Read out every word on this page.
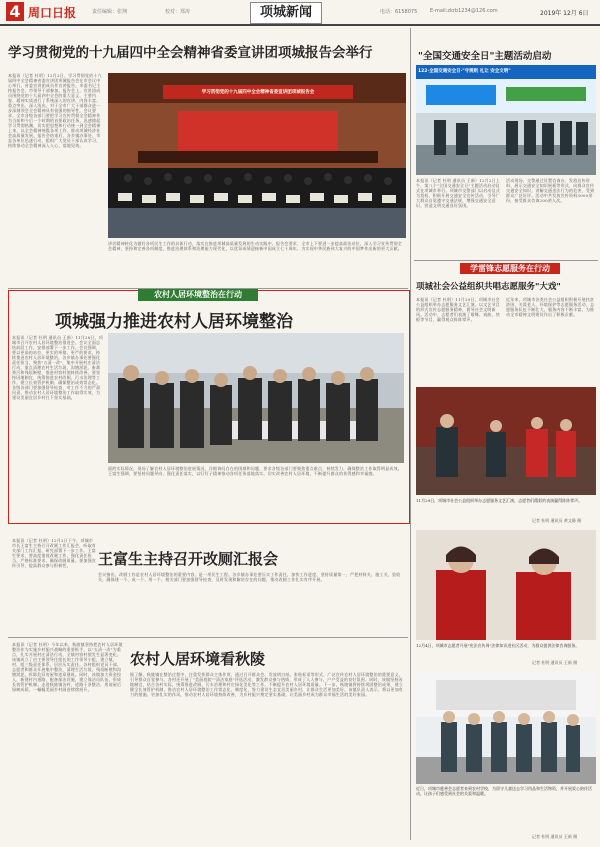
4 周口日报	责任编辑：张翔	校对：郑涛	项城新闻	电话：6158075	E-mail:zkrb1234@126.com	2019年 12月 6日
学习贯彻党的十九届四中全会精神省委宣讲团项城报告会举行
本报讯（记者 杜明）12月2日，学习贯彻党的十九届四中全会精神省委宣讲团项城报告会在市会议中心举行。省委宣讲团成员作宣讲报告。市委书记主持报告会，市领导干部参加。报告会上，宣讲团成员围绕党的十九届四中全会的重大意义、主要内容、精神实质进行了系统深入的宣讲，内容丰富、重点突出、深入浅出，对于全市广大干部群众进一步深刻领会全会精神具有很强的指导性。会议要求，全市各级各部门要把学习宣传贯彻全会精神作为当前和今后一个时期的首要政治任务，迅速掀起学习贯彻热潮，切实把思想和行动统一到全会精神上来，以全会精神统揽各项工作，推动项城经济社会高质量发展。报告会结束后，各乡镇办事处、市直各单位迅速行动，组织广大党员干部认真学习，持续推动全会精神深入人心、落地见效。
学习贯彻党的十九届四中全会精神省委宣讲团项城报告会
讲话精神转化为做好各项民生工作的具体行动，落实在推进项城高质量发展的生动实践中。报告会要求，全市上下要进一步提高政治站位，深入学习宣传贯彻全会精神，坚持和完善各项制度，推进治理体系和治理能力现代化，以优异成绩迎接新中国成立七十周年，为实现中华民族伟大复兴的中国梦作出新的更大贡献。
农村人居环境整治在行动
项城强力推进农村人居环境整治
本报讯（记者 杜明 通讯员 王新）11月28日，项城市召开农村人居环境整治推进会。会议全面总结前段工作，安排部署下一步工作。会议强调，要以更高的站位、更实的举措、更严的要求，持续推进农村人居环境整治。各乡镇办事处要强化责任担当，聚焦"五清一改"，集中开展村庄清洁行动，重点清理农村生活垃圾、沟塘淤泥、畜禽粪污和残垣断壁，推进村容村貌持续改善。要坚持因地制宜，统筹推进农村改厕、污水治理等工作，建立长效管护机制，确保整治成效常态化。各级各部门要加强督导检查，对工作不力的严肃问责，推动农村人居环境整治工作取得实效，为建设美丽宜居乡村打下坚实基础。
面的实际情况，现场了解农村人居环境整治进展情况，详细询问存在的困难和问题，要求各级各部门要聚焦重点难点，持续发力，确保整治工作取得明显成效。王富生强调，要坚持问题导向，强化责任落实，以钉钉子精神推动各项任务落地落实，切实改善农村人居环境，不断提升群众的获得感和幸福感。
王富生主持召开改厕汇报会
本报讯（记者 杜明）12月2日下午，项城市市长王富生主持召开改厕工作汇报会，听取有关部门工作汇报，研究部署下一步工作。王富生要求，要高度重视改厕工作，强化责任担当，严格标准要求，确保改厕质量。要加强宣传引导，提高群众参与积极性。
会议指出，改厕工作是农村人居环境整治的重要内容，是一项民生工程。各乡镇办事处要压实工作责任，加快工作进度，坚持质量第一，严把材料关、施工关、验收关，确保建一个、成一个、用一个。相关部门要加强督导检查，及时发现和解决存在的问题，推动改厕工作扎实有序开展。
农村人居环境看秋陵
本报讯（记者 杜明）今年以来，秋陵镇坚持把农村人居环境整治作为实施乡村振兴战略的重要抓手，以"五清一改"为重点，扎实开展村庄清洁行动，全镇村容村貌发生显著变化。该镇成立了由主要领导任组长的工作领导小组，建立镇、村、组三级责任体系，层层压实责任。各村组织党员干部、志愿者和群众开展集中整治，清理生活垃圾、残垣断壁和沟塘淤泥，拆除危旧房屋和违章建筑。同时，该镇加大资金投入，新建村内道路、配备保洁设施，建立保洁员队伍，形成长效管护机制。走进秋陵镇各村，道路干净整洁，房前屋后绿树成荫，一幅幅美丽乡村画卷徐徐展开。
据了解，秋陵镇在整治过程中，注重发挥群众主体作用，通过召开群众会、发放明白纸、张贴标语等形式，广泛宣传农村人居环境整治的重要意义，引导群众自觉参与。各村还开展了"美丽庭院""清洁家庭"评选活动，激发群众参与热情，形成了人人参与、户户受益的良好氛围。同时，该镇坚持因地制宜，结合各村实际，统筹推进改厕、污水治理和村庄绿化美化等工作，不断提升农村人居环境质量。下一步，秋陵镇将持续巩固整治成果，建立健全长效管护机制，推动农村人居环境整治工作常态化、制度化，努力建设生态宜居美丽乡村，让群众生活更加美好。该镇负责人表示，将以更加有力的措施、更加扎实的作风，推动农村人居环境持续改善，为乡村振兴奠定坚实基础，让美丽乡村成为群众幸福生活的美好家园。
"全国交通安全日"主题活动启动
122·全国交通安全日·"守规则 礼让 安全文明"
本报讯（记者 杜明 通讯员 王新）12月2日上午，第八个"全国交通安全日"主题活动启动仪式在项城市举行。项城市交警部门以启动仪式为契机，积极开展交通安全宣传活动，引导广大群众自觉遵守交通法规，增强交通安全意识，营造文明交通良好氛围。
活动现场，交警通过设置咨询台、发放宣传资料、展示交通安全知识展板等形式，向群众宣传交通安全知识，讲解交通违法行为的危害，受到群众广泛好评。活动中共发放宣传资料3000余份，接受群众咨询200余人次。
学雷锋志愿服务在行动
项城社会公益组织共唱志愿服务"大戏"
本报讯（记者 杜明）11月29日，项城市社会公益组织举办志愿服务文艺汇演，以文艺节目的形式宣传志愿服务精神，倡导社会文明新风。活动中，志愿者们表演了歌舞、戏曲、快板等节目，赢得观众阵阵掌声。
近年来，项城市各类社会公益组织积极开展扶贫济困、关爱老人、环境保护等志愿服务活动，志愿服务队伍不断壮大，服务内容不断丰富，为推动全市精神文明建设作出了积极贡献。
11月29日，项城市社会公益组织举办志愿服务文艺汇演，志愿者们精彩的表演赢得阵阵掌声。
记者 杜明 通讯员 黄文静 摄
12月4日，项城市志愿者开展"宪法宣传周"法律知识进社区活动，为群众提供法律咨询服务。
记者 杜明 通讯员 王新 摄
近日，项城市慈善会志愿者来到农村学校，为留守儿童送去学习用品和生活物资，并开展爱心陪伴活动，让孩子们感受到社会的关爱和温暖。
记者 杜明 通讯员 王新 摄
